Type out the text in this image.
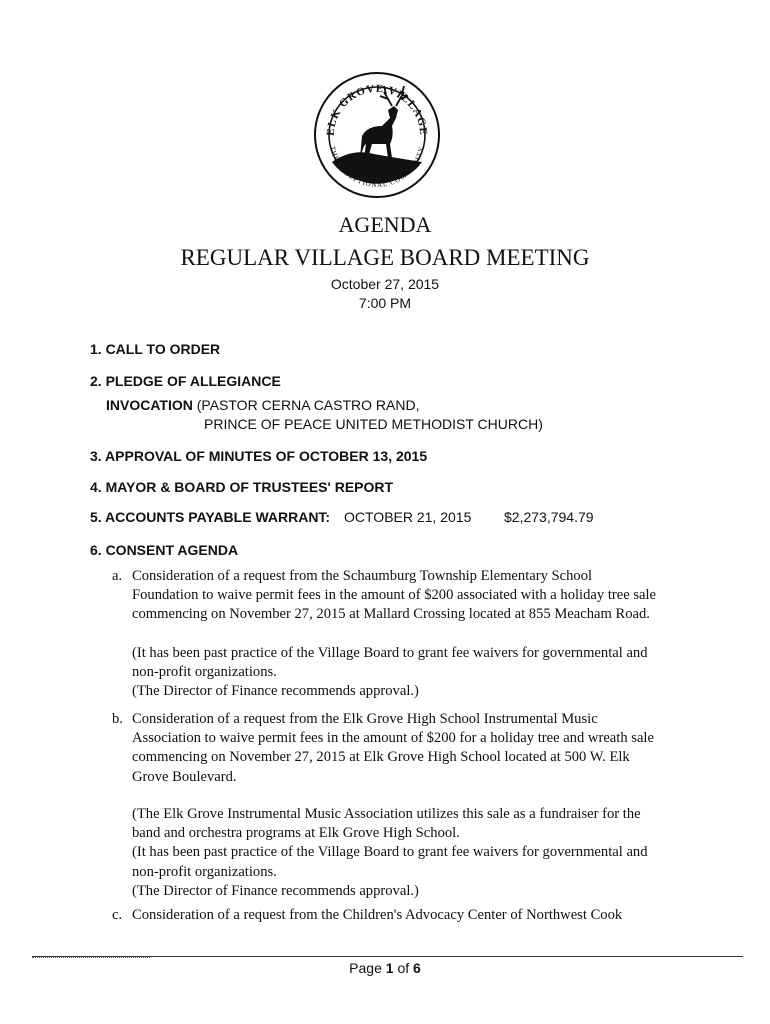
ELK GROVE VILLAGE
THE EXCEPTIONAL COMMUNITY
AGENDA
REGULAR VILLAGE BOARD MEETING
October 27, 2015
7:00 PM
1. CALL TO ORDER
2. PLEDGE OF ALLEGIANCE
INVOCATION (PASTOR CERNA CASTRO RAND,
PRINCE OF PEACE UNITED METHODIST CHURCH)
3. APPROVAL OF MINUTES OF OCTOBER 13, 2015
4. MAYOR & BOARD OF TRUSTEES' REPORT
5. ACCOUNTS PAYABLE WARRANT: OCTOBER 21, 2015 $2,273,794.79
6. CONSENT AGENDA
a. Consideration of a request from the Schaumburg Township Elementary School
Foundation to waive permit fees in the amount of $200 associated with a holiday tree sale
commencing on November 27, 2015 at Mallard Crossing located at 855 Meacham Road.
(It has been past practice of the Village Board to grant fee waivers for governmental and
non-profit organizations.
(The Director of Finance recommends approval.)
b. Consideration of a request from the Elk Grove High School Instrumental Music
Association to waive permit fees in the amount of $200 for a holiday tree and wreath sale
commencing on November 27, 2015 at Elk Grove High School located at 500 W. Elk
Grove Boulevard.
(The Elk Grove Instrumental Music Association utilizes this sale as a fundraiser for the
band and orchestra programs at Elk Grove High School.
(It has been past practice of the Village Board to grant fee waivers for governmental and
non-profit organizations.
(The Director of Finance recommends approval.)
c. Consideration of a request from the Children's Advocacy Center of Northwest Cook
Page 1 of 6
